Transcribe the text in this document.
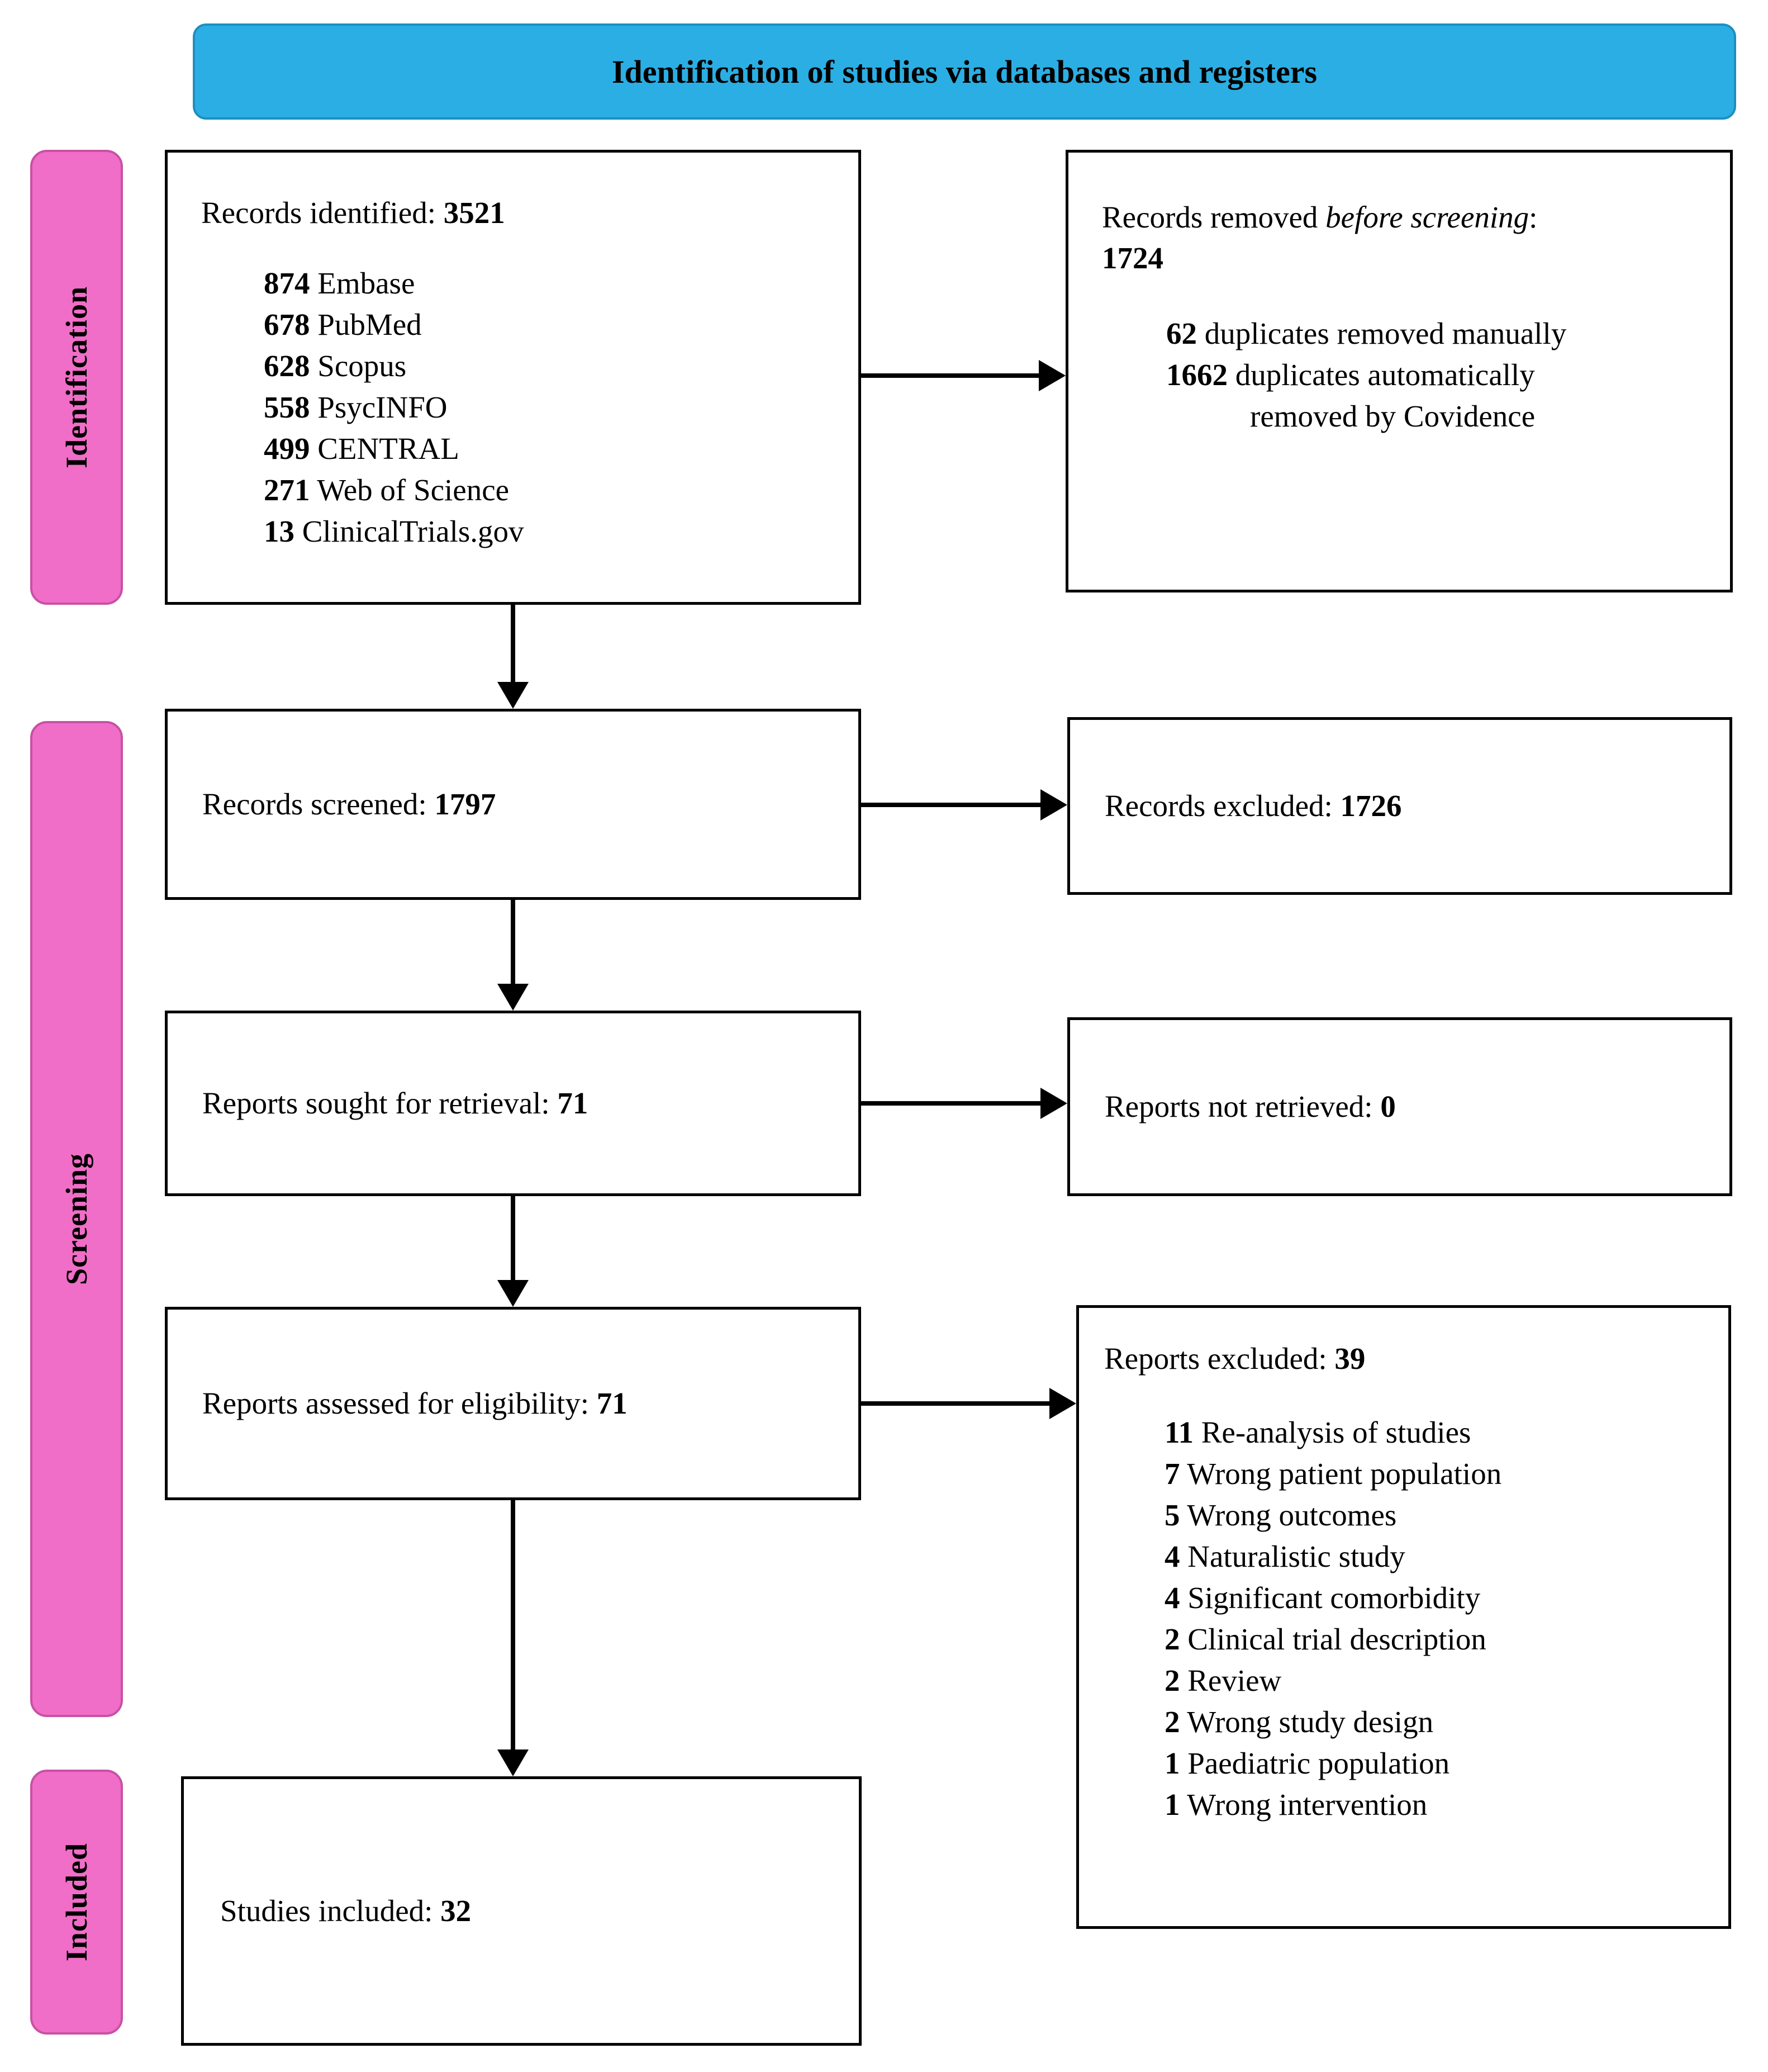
Identification of studies via databases and registers
Identification
Screening
Included

Records identified: 3521

874 Embase
678 PubMed
628 Scopus
558 PsycINFO
499 CENTRAL
271 Web of Science
13 ClinicalTrials.gov

Records removed before screening:
1724

62 duplicates removed manually
1662 duplicates automatically removed by Covidence

Records screened: 1797	Records excluded: 1726

Reports sought for retrieval: 71	Reports not retrieved: 0

Reports assessed for eligibility: 71

Reports excluded: 39

11 Re-analysis of studies
7 Wrong patient population
5 Wrong outcomes
4 Naturalistic study
4 Significant comorbidity
2 Clinical trial description
2 Review
2 Wrong study design
1 Paediatric population
1 Wrong intervention

Studies included: 32
